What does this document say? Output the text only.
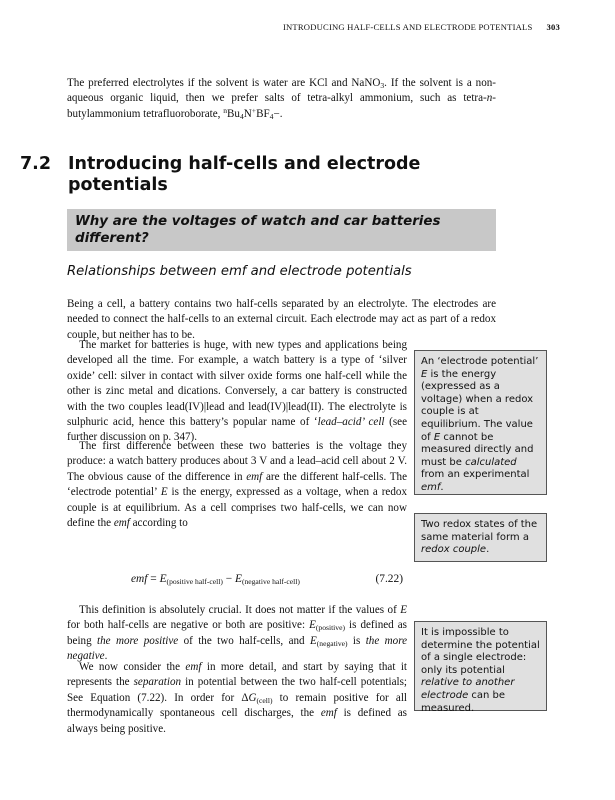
INTRODUCING HALF-CELLS AND ELECTRODE POTENTIALS 303

The preferred electrolytes if the solvent is water are KCl and NaNO$_3$. If the solvent is a non-aqueous organic liquid, then we prefer salts of tetra-alkyl ammonium, such as tetra-n-butylammonium tetrafluoroborate, $^nBu_4N^+BF_4-$.

7.2 Introducing half-cells and electrode potentials
Why are the voltages of watch and car batteries different?
Relationships between emf and electrode potentials

Being a cell, a battery contains two half-cells separated by an electrolyte. The electrodes are needed to connect the half-cells to an external circuit. Each electrode may act as part of a redox couple, but neither has to be.

The market for batteries is huge, with new types and applications being developed all the time. For example, a watch battery is a type of ‘silver oxide’ cell: silver in contact with silver oxide forms one half-cell while the other is zinc metal and dications. Conversely, a car battery is constructed with the two couples lead(IV)|lead and lead(IV)|lead(II). The electrolyte is sulphuric acid, hence this battery’s popular name of ‘lead–acid’ cell (see further discussion on p. 347).

The first difference between these two batteries is the voltage they produce: a watch battery produces about 3 V and a lead–acid cell about 2 V. The obvious cause of the difference in emf are the different half-cells. The ‘electrode potential’ E is the energy, expressed as a voltage, when a redox couple is at equilibrium. As a cell comprises two half-cells, we can now define the emf according to

emf = $E_{(positive half-cell)} - E_{(negative half-cell)}$	(7.22)

This definition is absolutely crucial. It does not matter if the values of E for both half-cells are negative or both are positive: $E_{(positive)}$ is defined as being the more positive of the two half-cells, and $E_{(negative)}$ is the more negative.

We now consider the emf in more detail, and start by saying that it represents the separation in potential between the two half-cell potentials; See Equation (7.22). In order for $\Delta G_{(cell)}$ to remain positive for all thermodynamically spontaneous cell discharges, the emf is defined as always being positive.

An ‘electrode potential’ E is the energy (expressed as a voltage) when a redox couple is at equilibrium. The value of E cannot be measured directly and must be calculated from an experimental emf.
Two redox states of the same material form a redox couple.
It is impossible to determine the potential of a single electrode: only its potential relative to another electrode can be measured.
